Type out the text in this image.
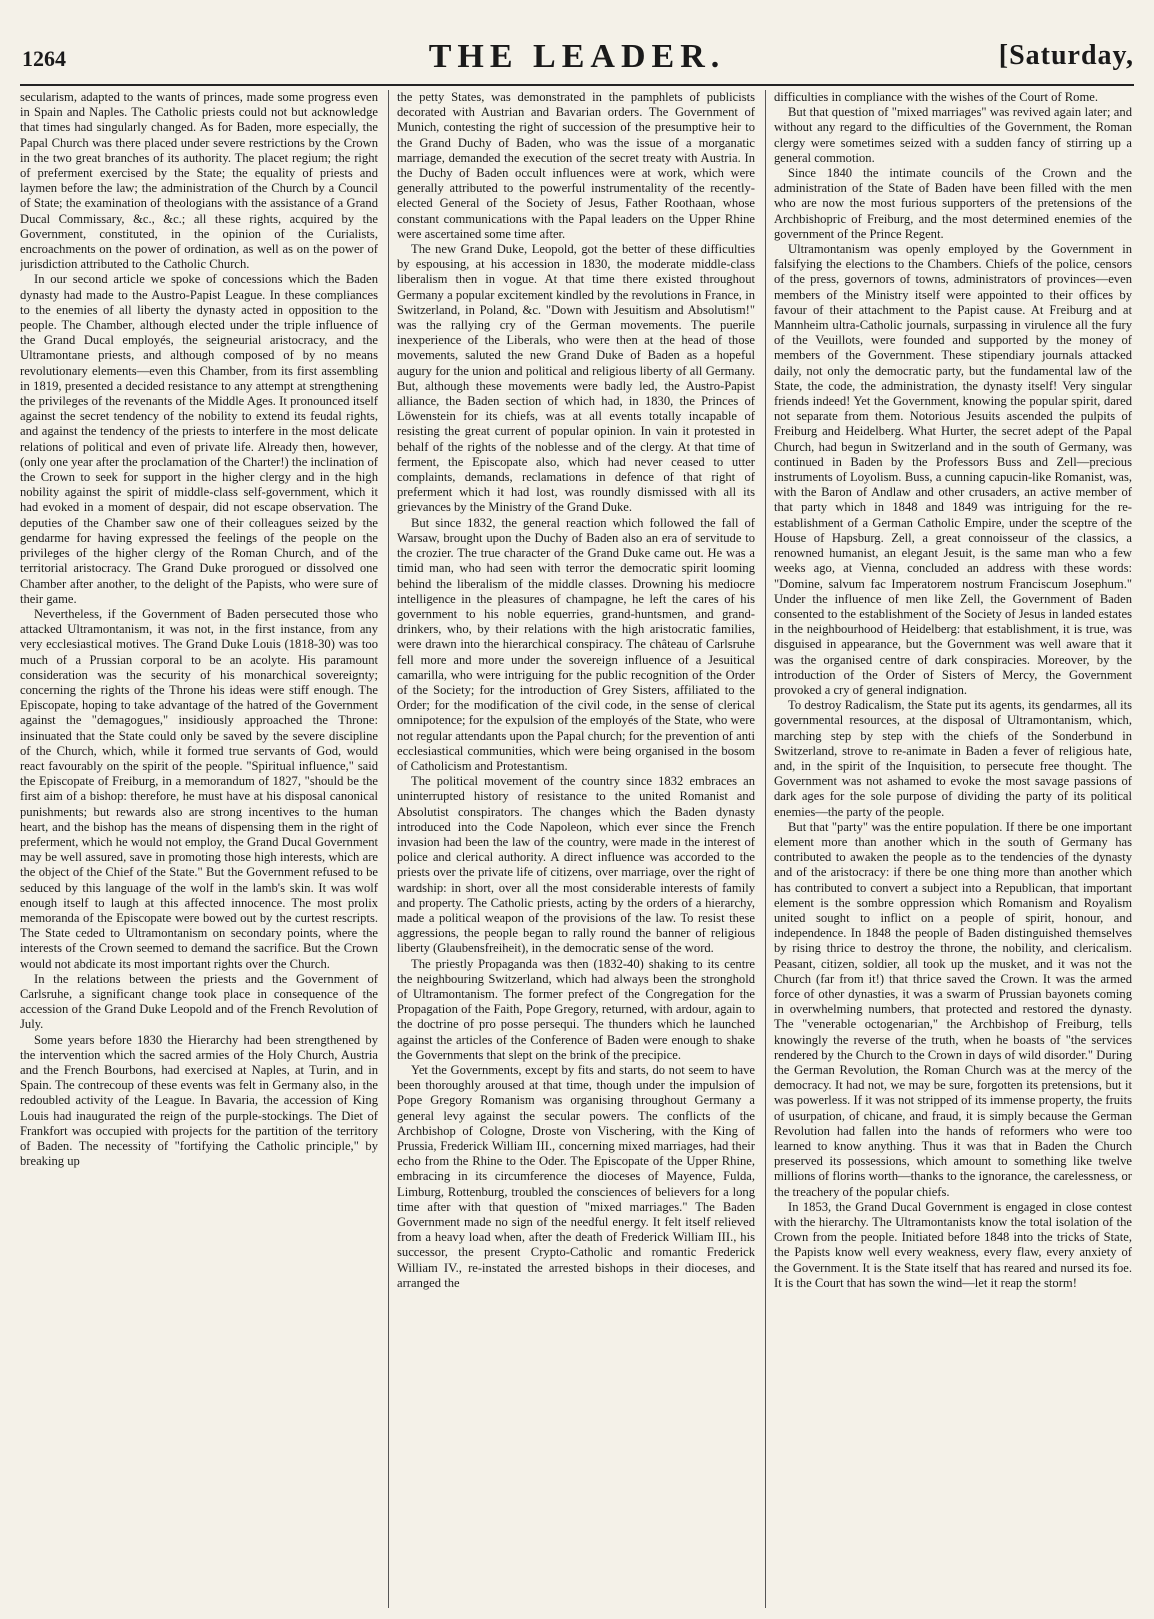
1264	THE LEADER.	[Saturday,

secularism, adapted to the wants of princes, made some progress even in Spain and Naples. The Catholic priests could not but acknowledge that times had singularly changed. As for Baden, more especially, the Papal Church was there placed under severe restrictions by the Crown in the two great branches of its authority. The placet regium; the right of preferment exercised by the State; the equality of priests and laymen before the law; the administration of the Church by a Council of State; the examination of theologians with the assistance of a Grand Ducal Commissary, &c., &c.; all these rights, acquired by the Government, constituted, in the opinion of the Curialists, encroachments on the power of ordination, as well as on the power of jurisdiction attributed to the Catholic Church.

In our second article we spoke of concessions which the Baden dynasty had made to the Austro-Papist League. In these compliances to the enemies of all liberty the dynasty acted in opposition to the people. The Chamber, although elected under the triple influence of the Grand Ducal employés, the seigneurial aristocracy, and the Ultramontane priests, and although composed of by no means revolutionary elements—even this Chamber, from its first assembling in 1819, presented a decided resistance to any attempt at strengthening the privileges of the revenants of the Middle Ages. It pronounced itself against the secret tendency of the nobility to extend its feudal rights, and against the tendency of the priests to interfere in the most delicate relations of political and even of private life. Already then, however, (only one year after the proclamation of the Charter!) the inclination of the Crown to seek for support in the higher clergy and in the high nobility against the spirit of middle-class self-government, which it had evoked in a moment of despair, did not escape observation. The deputies of the Chamber saw one of their colleagues seized by the gendarme for having expressed the feelings of the people on the privileges of the higher clergy of the Roman Church, and of the territorial aristocracy. The Grand Duke prorogued or dissolved one Chamber after another, to the delight of the Papists, who were sure of their game.

Nevertheless, if the Government of Baden persecuted those who attacked Ultramontanism, it was not, in the first instance, from any very ecclesiastical motives. The Grand Duke Louis (1818-30) was too much of a Prussian corporal to be an acolyte. His paramount consideration was the security of his monarchical sovereignty; concerning the rights of the Throne his ideas were stiff enough. The Episcopate, hoping to take advantage of the hatred of the Government against the "demagogues," insidiously approached the Throne: insinuated that the State could only be saved by the severe discipline of the Church, which, while it formed true servants of God, would react favourably on the spirit of the people. "Spiritual influence," said the Episcopate of Freiburg, in a memorandum of 1827, "should be the first aim of a bishop: therefore, he must have at his disposal canonical punishments; but rewards also are strong incentives to the human heart, and the bishop has the means of dispensing them in the right of preferment, which he would not employ, the Grand Ducal Government may be well assured, save in promoting those high interests, which are the object of the Chief of the State." But the Government refused to be seduced by this language of the wolf in the lamb's skin. It was wolf enough itself to laugh at this affected innocence. The most prolix memoranda of the Episcopate were bowed out by the curtest rescripts. The State ceded to Ultramontanism on secondary points, where the interests of the Crown seemed to demand the sacrifice. But the Crown would not abdicate its most important rights over the Church.

In the relations between the priests and the Government of Carlsruhe, a significant change took place in consequence of the accession of the Grand Duke Leopold and of the French Revolution of July.

Some years before 1830 the Hierarchy had been strengthened by the intervention which the sacred armies of the Holy Church, Austria and the French Bourbons, had exercised at Naples, at Turin, and in Spain. The contrecoup of these events was felt in Germany also, in the redoubled activity of the League. In Bavaria, the accession of King Louis had inaugurated the reign of the purple-stockings. The Diet of Frankfort was occupied with projects for the partition of the territory of Baden. The necessity of "fortifying the Catholic principle," by breaking up

the petty States, was demonstrated in the pamphlets of publicists decorated with Austrian and Bavarian orders. The Government of Munich, contesting the right of succession of the presumptive heir to the Grand Duchy of Baden, who was the issue of a morganatic marriage, demanded the execution of the secret treaty with Austria. In the Duchy of Baden occult influences were at work, which were generally attributed to the powerful instrumentality of the recently-elected General of the Society of Jesus, Father Roothaan, whose constant communications with the Papal leaders on the Upper Rhine were ascertained some time after.

The new Grand Duke, Leopold, got the better of these difficulties by espousing, at his accession in 1830, the moderate middle-class liberalism then in vogue. At that time there existed throughout Germany a popular excitement kindled by the revolutions in France, in Switzerland, in Poland, &c. "Down with Jesuitism and Absolutism!" was the rallying cry of the German movements. The puerile inexperience of the Liberals, who were then at the head of those movements, saluted the new Grand Duke of Baden as a hopeful augury for the union and political and religious liberty of all Germany. But, although these movements were badly led, the Austro-Papist alliance, the Baden section of which had, in 1830, the Princes of Löwenstein for its chiefs, was at all events totally incapable of resisting the great current of popular opinion. In vain it protested in behalf of the rights of the noblesse and of the clergy. At that time of ferment, the Episcopate also, which had never ceased to utter complaints, demands, reclamations in defence of that right of preferment which it had lost, was roundly dismissed with all its grievances by the Ministry of the Grand Duke.

But since 1832, the general reaction which followed the fall of Warsaw, brought upon the Duchy of Baden also an era of servitude to the crozier. The true character of the Grand Duke came out. He was a timid man, who had seen with terror the democratic spirit looming behind the liberalism of the middle classes. Drowning his mediocre intelligence in the pleasures of champagne, he left the cares of his government to his noble equerries, grand-huntsmen, and grand-drinkers, who, by their relations with the high aristocratic families, were drawn into the hierarchical conspiracy. The château of Carlsruhe fell more and more under the sovereign influence of a Jesuitical camarilla, who were intriguing for the public recognition of the Order of the Society; for the introduction of Grey Sisters, affiliated to the Order; for the modification of the civil code, in the sense of clerical omnipotence; for the expulsion of the employés of the State, who were not regular attendants upon the Papal church; for the prevention of anti ecclesiastical communities, which were being organised in the bosom of Catholicism and Protestantism.

The political movement of the country since 1832 embraces an uninterrupted history of resistance to the united Romanist and Absolutist conspirators. The changes which the Baden dynasty introduced into the Code Napoleon, which ever since the French invasion had been the law of the country, were made in the interest of police and clerical authority. A direct influence was accorded to the priests over the private life of citizens, over marriage, over the right of wardship: in short, over all the most considerable interests of family and property. The Catholic priests, acting by the orders of a hierarchy, made a political weapon of the provisions of the law. To resist these aggressions, the people began to rally round the banner of religious liberty (Glaubensfreiheit), in the democratic sense of the word.

The priestly Propaganda was then (1832-40) shaking to its centre the neighbouring Switzerland, which had always been the stronghold of Ultramontanism. The former prefect of the Congregation for the Propagation of the Faith, Pope Gregory, returned, with ardour, again to the doctrine of pro posse persequi. The thunders which he launched against the articles of the Conference of Baden were enough to shake the Governments that slept on the brink of the precipice.

Yet the Governments, except by fits and starts, do not seem to have been thoroughly aroused at that time, though under the impulsion of Pope Gregory Romanism was organising throughout Germany a general levy against the secular powers. The conflicts of the Archbishop of Cologne, Droste von Vischering, with the King of Prussia, Frederick William III., concerning mixed marriages, had their echo from the Rhine to the Oder. The Episcopate of the Upper Rhine, embracing in its circumference the dioceses of Mayence, Fulda, Limburg, Rottenburg, troubled the consciences of believers for a long time after with that question of "mixed marriages." The Baden Government made no sign of the needful energy. It felt itself relieved from a heavy load when, after the death of Frederick William III., his successor, the present Crypto-Catholic and romantic Frederick William IV., re-instated the arrested bishops in their dioceses, and arranged the

difficulties in compliance with the wishes of the Court of Rome.

But that question of "mixed marriages" was revived again later; and without any regard to the difficulties of the Government, the Roman clergy were sometimes seized with a sudden fancy of stirring up a general commotion.

Since 1840 the intimate councils of the Crown and the administration of the State of Baden have been filled with the men who are now the most furious supporters of the pretensions of the Archbishopric of Freiburg, and the most determined enemies of the government of the Prince Regent.

Ultramontanism was openly employed by the Government in falsifying the elections to the Chambers. Chiefs of the police, censors of the press, governors of towns, administrators of provinces—even members of the Ministry itself were appointed to their offices by favour of their attachment to the Papist cause. At Freiburg and at Mannheim ultra-Catholic journals, surpassing in virulence all the fury of the Veuillots, were founded and supported by the money of members of the Government. These stipendiary journals attacked daily, not only the democratic party, but the fundamental law of the State, the code, the administration, the dynasty itself! Very singular friends indeed! Yet the Government, knowing the popular spirit, dared not separate from them. Notorious Jesuits ascended the pulpits of Freiburg and Heidelberg. What Hurter, the secret adept of the Papal Church, had begun in Switzerland and in the south of Germany, was continued in Baden by the Professors Buss and Zell—precious instruments of Loyolism. Buss, a cunning capucin-like Romanist, was, with the Baron of Andlaw and other crusaders, an active member of that party which in 1848 and 1849 was intriguing for the re-establishment of a German Catholic Empire, under the sceptre of the House of Hapsburg. Zell, a great connoisseur of the classics, a renowned humanist, an elegant Jesuit, is the same man who a few weeks ago, at Vienna, concluded an address with these words: "Domine, salvum fac Imperatorem nostrum Franciscum Josephum." Under the influence of men like Zell, the Government of Baden consented to the establishment of the Society of Jesus in landed estates in the neighbourhood of Heidelberg: that establishment, it is true, was disguised in appearance, but the Government was well aware that it was the organised centre of dark conspiracies. Moreover, by the introduction of the Order of Sisters of Mercy, the Government provoked a cry of general indignation.

To destroy Radicalism, the State put its agents, its gendarmes, all its governmental resources, at the disposal of Ultramontanism, which, marching step by step with the chiefs of the Sonderbund in Switzerland, strove to re-animate in Baden a fever of religious hate, and, in the spirit of the Inquisition, to persecute free thought. The Government was not ashamed to evoke the most savage passions of dark ages for the sole purpose of dividing the party of its political enemies—the party of the people.

But that "party" was the entire population. If there be one important element more than another which in the south of Germany has contributed to awaken the people as to the tendencies of the dynasty and of the aristocracy: if there be one thing more than another which has contributed to convert a subject into a Republican, that important element is the sombre oppression which Romanism and Royalism united sought to inflict on a people of spirit, honour, and independence. In 1848 the people of Baden distinguished themselves by rising thrice to destroy the throne, the nobility, and clericalism. Peasant, citizen, soldier, all took up the musket, and it was not the Church (far from it!) that thrice saved the Crown. It was the armed force of other dynasties, it was a swarm of Prussian bayonets coming in overwhelming numbers, that protected and restored the dynasty. The "venerable octogenarian," the Archbishop of Freiburg, tells knowingly the reverse of the truth, when he boasts of "the services rendered by the Church to the Crown in days of wild disorder." During the German Revolution, the Roman Church was at the mercy of the democracy. It had not, we may be sure, forgotten its pretensions, but it was powerless. If it was not stripped of its immense property, the fruits of usurpation, of chicane, and fraud, it is simply because the German Revolution had fallen into the hands of reformers who were too learned to know anything. Thus it was that in Baden the Church preserved its possessions, which amount to something like twelve millions of florins worth—thanks to the ignorance, the carelessness, or the treachery of the popular chiefs.

In 1853, the Grand Ducal Government is engaged in close contest with the hierarchy. The Ultramontanists know the total isolation of the Crown from the people. Initiated before 1848 into the tricks of State, the Papists know well every weakness, every flaw, every anxiety of the Government. It is the State itself that has reared and nursed its foe. It is the Court that has sown the wind—let it reap the storm!
